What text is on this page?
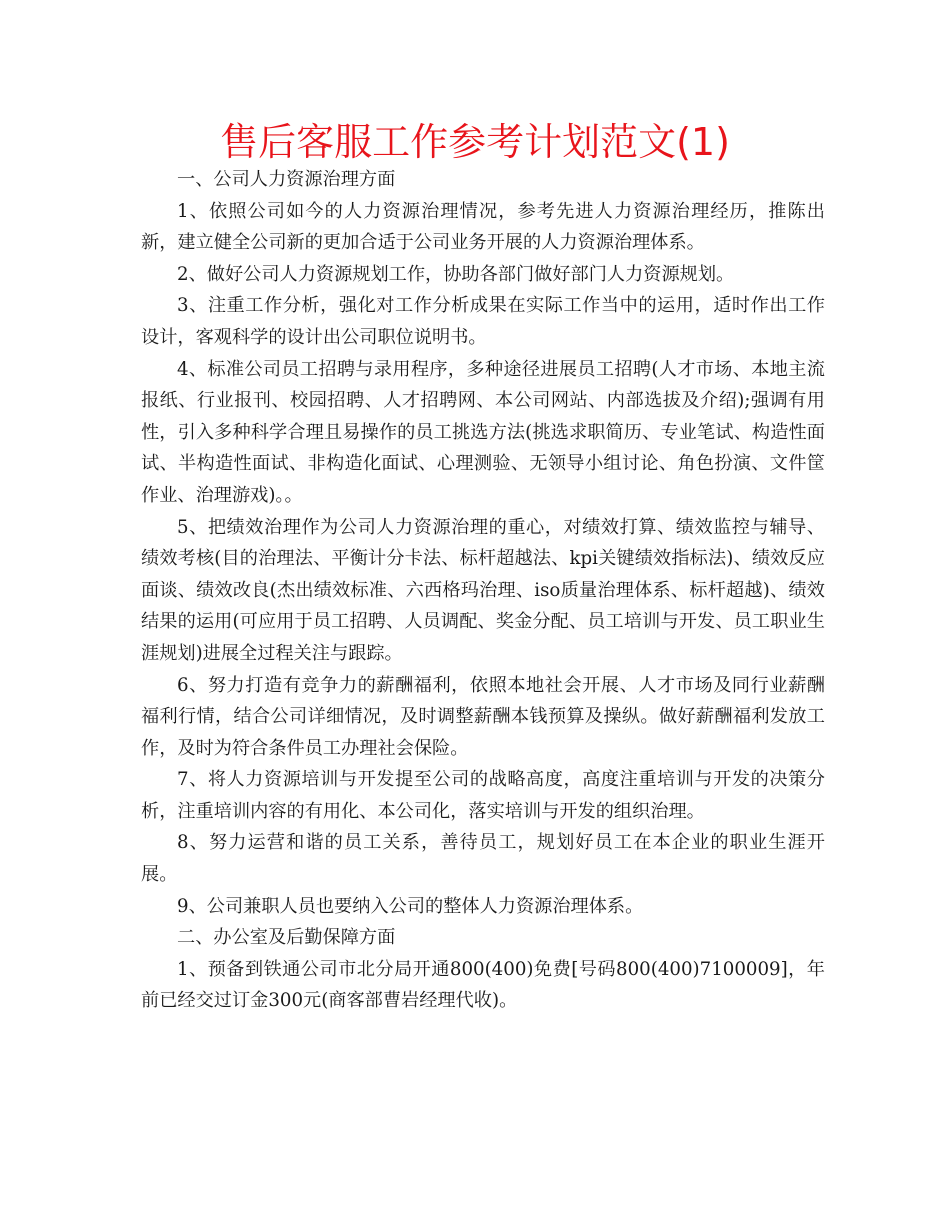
售后客服工作参考计划范文(1)

一、公司人力资源治理方面

1、依照公司如今的人力资源治理情况，参考先进人力资源治理经历，推陈出新，建立健全公司新的更加合适于公司业务开展的人力资源治理体系。

2、做好公司人力资源规划工作，协助各部门做好部门人力资源规划。

3、注重工作分析，强化对工作分析成果在实际工作当中的运用，适时作出工作设计，客观科学的设计出公司职位说明书。

4、标准公司员工招聘与录用程序，多种途径进展员工招聘(人才市场、本地主流报纸、行业报刊、校园招聘、人才招聘网、本公司网站、内部选拔及介绍);强调有用性，引入多种科学合理且易操作的员工挑选方法(挑选求职简历、专业笔试、构造性面试、半构造性面试、非构造化面试、心理测验、无领导小组讨论、角色扮演、文件筐作业、治理游戏)。。

5、把绩效治理作为公司人力资源治理的重心，对绩效打算、绩效监控与辅导、绩效考核(目的治理法、平衡计分卡法、标杆超越法、kpi关键绩效指标法)、绩效反应面谈、绩效改良(杰出绩效标准、六西格玛治理、iso质量治理体系、标杆超越)、绩效结果的运用(可应用于员工招聘、人员调配、奖金分配、员工培训与开发、员工职业生涯规划)进展全过程关注与跟踪。

6、努力打造有竞争力的薪酬福利，依照本地社会开展、人才市场及同行业薪酬福利行情，结合公司详细情况，及时调整薪酬本钱预算及操纵。做好薪酬福利发放工作，及时为符合条件员工办理社会保险。

7、将人力资源培训与开发提至公司的战略高度，高度注重培训与开发的决策分析，注重培训内容的有用化、本公司化，落实培训与开发的组织治理。

8、努力运营和谐的员工关系，善待员工，规划好员工在本企业的职业生涯开展。

9、公司兼职人员也要纳入公司的整体人力资源治理体系。

二、办公室及后勤保障方面

1、预备到铁通公司市北分局开通800(400)免费[号码800(400)7100009]，年前已经交过订金300元(商客部曹岩经理代收)。
